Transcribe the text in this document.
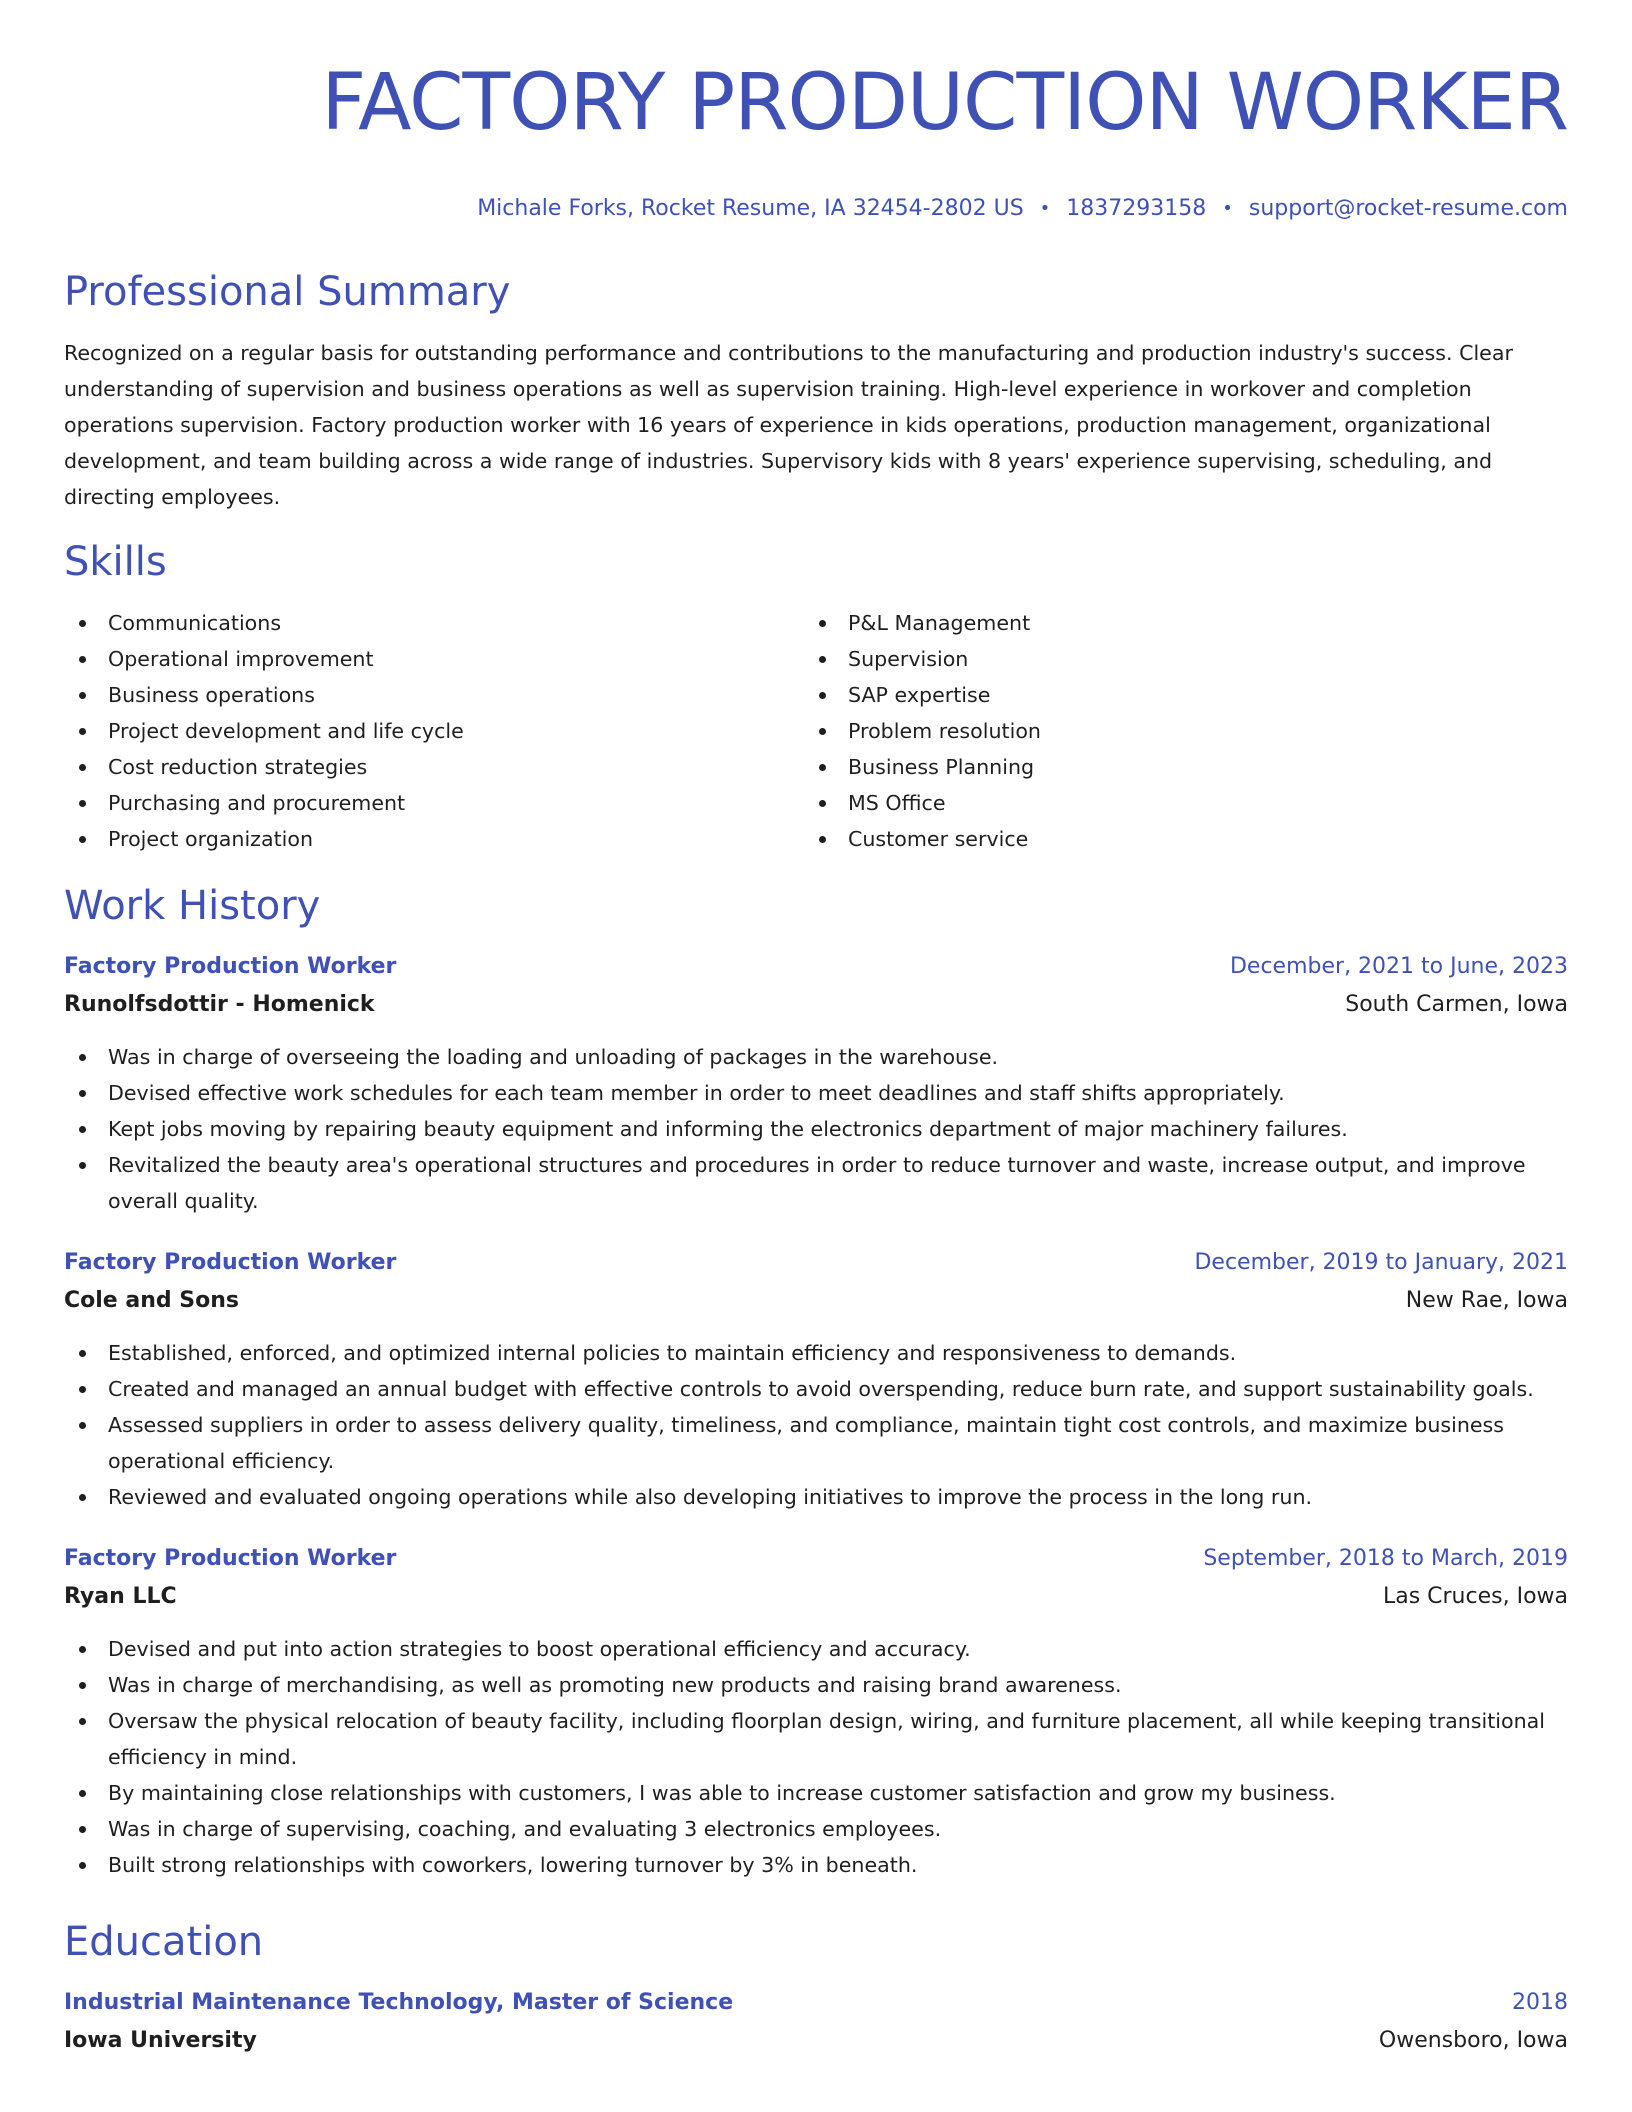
FACTORY PRODUCTION WORKER
Michale Forks, Rocket Resume, IA 32454-2802 US • 1837293158 • support@rocket-resume.com
Professional Summary
Recognized on a regular basis for outstanding performance and contributions to the manufacturing and production industry's success. Clear understanding of supervision and business operations as well as supervision training. High-level experience in workover and completion operations supervision. Factory production worker with 16 years of experience in kids operations, production management, organizational development, and team building across a wide range of industries. Supervisory kids with 8 years' experience supervising, scheduling, and directing employees.
Skills
Communications
Operational improvement
Business operations
Project development and life cycle
Cost reduction strategies
Purchasing and procurement
Project organization
P&L Management
Supervision
SAP expertise
Problem resolution
Business Planning
MS Office
Customer service
Work History
Factory Production Worker	December, 2021 to June, 2023
Runolfsdottir - Homenick	South Carmen, Iowa
Was in charge of overseeing the loading and unloading of packages in the warehouse.
Devised effective work schedules for each team member in order to meet deadlines and staff shifts appropriately.
Kept jobs moving by repairing beauty equipment and informing the electronics department of major machinery failures.
Revitalized the beauty area's operational structures and procedures in order to reduce turnover and waste, increase output, and improve overall quality.
Factory Production Worker	December, 2019 to January, 2021
Cole and Sons	New Rae, Iowa
Established, enforced, and optimized internal policies to maintain efficiency and responsiveness to demands.
Created and managed an annual budget with effective controls to avoid overspending, reduce burn rate, and support sustainability goals.
Assessed suppliers in order to assess delivery quality, timeliness, and compliance, maintain tight cost controls, and maximize business operational efficiency.
Reviewed and evaluated ongoing operations while also developing initiatives to improve the process in the long run.
Factory Production Worker	September, 2018 to March, 2019
Ryan LLC	Las Cruces, Iowa
Devised and put into action strategies to boost operational efficiency and accuracy.
Was in charge of merchandising, as well as promoting new products and raising brand awareness.
Oversaw the physical relocation of beauty facility, including floorplan design, wiring, and furniture placement, all while keeping transitional efficiency in mind.
By maintaining close relationships with customers, I was able to increase customer satisfaction and grow my business.
Was in charge of supervising, coaching, and evaluating 3 electronics employees.
Built strong relationships with coworkers, lowering turnover by 3% in beneath.
Education
Industrial Maintenance Technology, Master of Science	2018
Iowa University	Owensboro, Iowa
